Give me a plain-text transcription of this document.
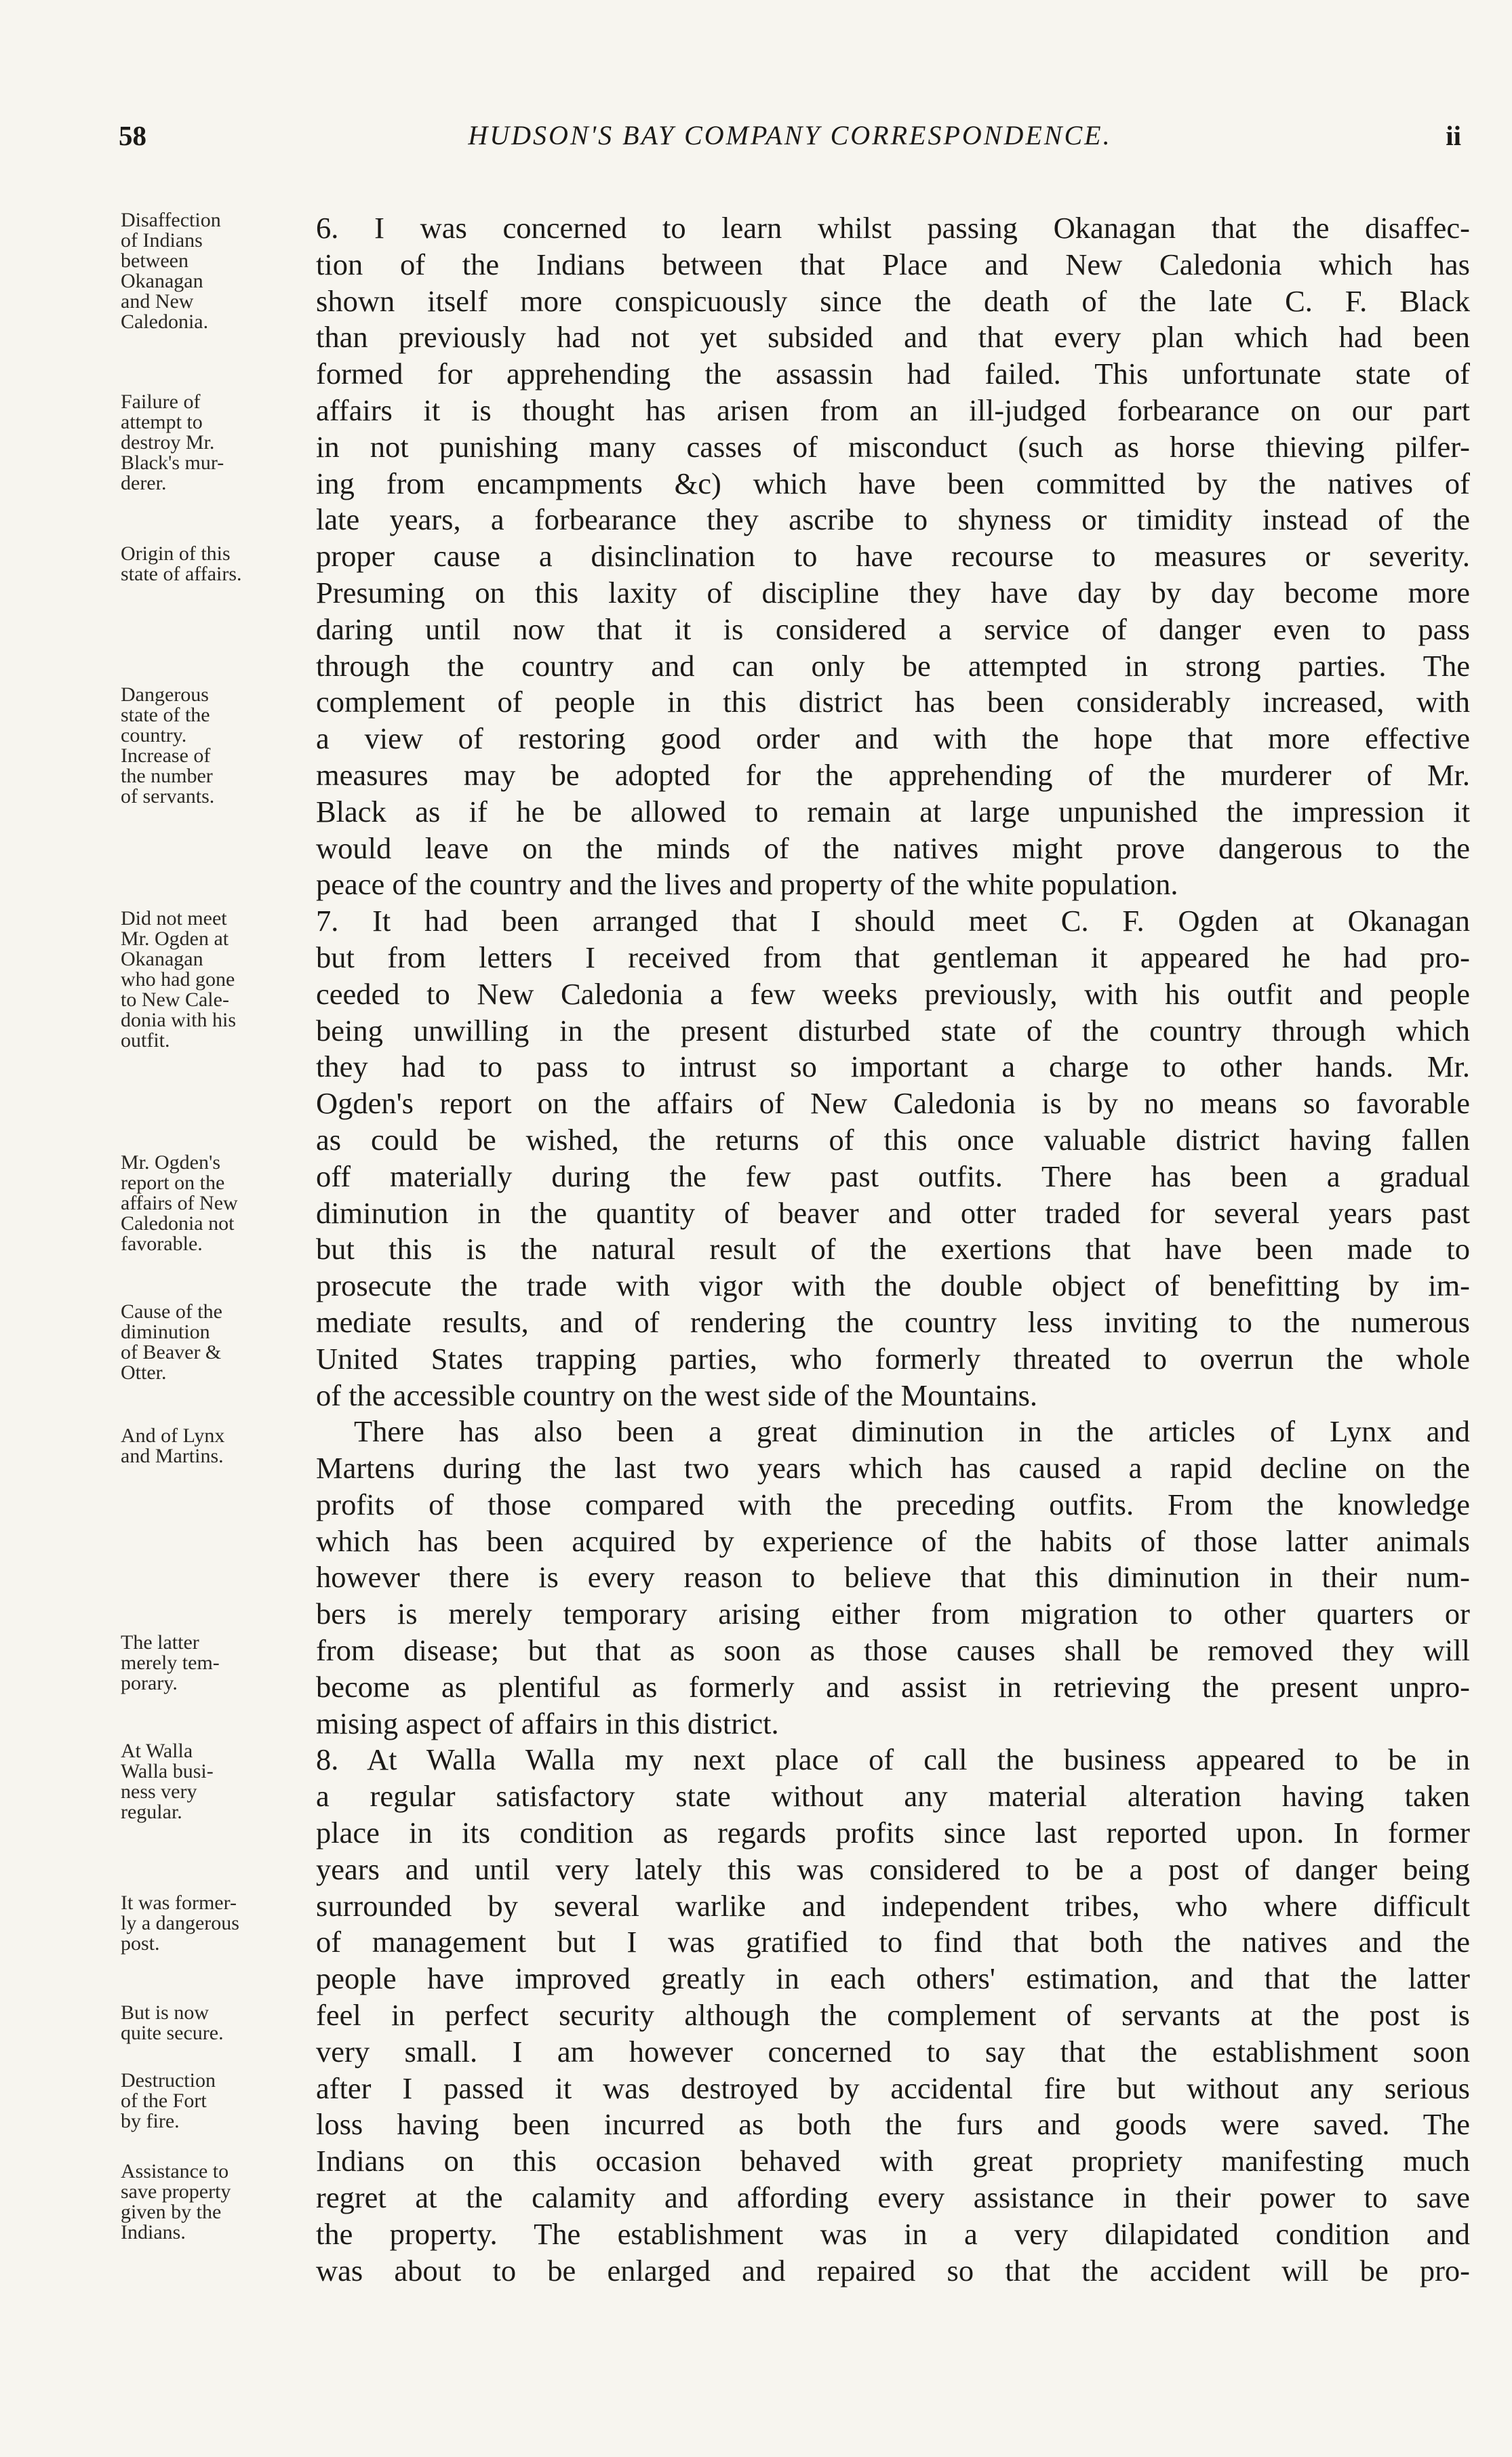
58	HUDSON'S BAY COMPANY CORRESPONDENCE.	ii
Disaffection
of Indians
between
Okanagan
and New
Caledonia.
Failure of
attempt to
destroy Mr.
Black's mur-
derer.
Origin of this
state of affairs.
Dangerous
state of the
country.
Increase of
the number
of servants.
Did not meet
Mr. Ogden at
Okanagan
who had gone
to New Cale-
donia with his
outfit.
Mr. Ogden's
report on the
affairs of New
Caledonia not
favorable.
Cause of the
diminution
of Beaver &
Otter.
And of Lynx
and Martins.
The latter
merely tem-
porary.
At Walla
Walla busi-
ness very
regular.
It was former-
ly a dangerous
post.
But is now
quite secure.
Destruction
of the Fort
by fire.
Assistance to
save property
given by the
Indians.
6. I was concerned to learn whilst passing Okanagan that the disaffec-
tion of the Indians between that Place and New Caledonia which has
shown itself more conspicuously since the death of the late C. F. Black
than previously had not yet subsided and that every plan which had been
formed for apprehending the assassin had failed. This unfortunate state of
affairs it is thought has arisen from an ill-judged forbearance on our part
in not punishing many casses of misconduct (such as horse thieving pilfer-
ing from encampments &c) which have been committed by the natives of
late years, a forbearance they ascribe to shyness or timidity instead of the
proper cause a disinclination to have recourse to measures or severity.
Presuming on this laxity of discipline they have day by day become more
daring until now that it is considered a service of danger even to pass
through the country and can only be attempted in strong parties. The
complement of people in this district has been considerably increased, with
a view of restoring good order and with the hope that more effective
measures may be adopted for the apprehending of the murderer of Mr.
Black as if he be allowed to remain at large unpunished the impression it
would leave on the minds of the natives might prove dangerous to the
peace of the country and the lives and property of the white population.
7. It had been arranged that I should meet C. F. Ogden at Okanagan
but from letters I received from that gentleman it appeared he had pro-
ceeded to New Caledonia a few weeks previously, with his outfit and people
being unwilling in the present disturbed state of the country through which
they had to pass to intrust so important a charge to other hands. Mr.
Ogden's report on the affairs of New Caledonia is by no means so favorable
as could be wished, the returns of this once valuable district having fallen
off materially during the few past outfits. There has been a gradual
diminution in the quantity of beaver and otter traded for several years past
but this is the natural result of the exertions that have been made to
prosecute the trade with vigor with the double object of benefitting by im-
mediate results, and of rendering the country less inviting to the numerous
United States trapping parties, who formerly threated to overrun the whole
of the accessible country on the west side of the Mountains.
There has also been a great diminution in the articles of Lynx and
Martens during the last two years which has caused a rapid decline on the
profits of those compared with the preceding outfits. From the knowledge
which has been acquired by experience of the habits of those latter animals
however there is every reason to believe that this diminution in their num-
bers is merely temporary arising either from migration to other quarters or
from disease; but that as soon as those causes shall be removed they will
become as plentiful as formerly and assist in retrieving the present unpro-
mising aspect of affairs in this district.
8. At Walla Walla my next place of call the business appeared to be in
a regular satisfactory state without any material alteration having taken
place in its condition as regards profits since last reported upon. In former
years and until very lately this was considered to be a post of danger being
surrounded by several warlike and independent tribes, who where difficult
of management but I was gratified to find that both the natives and the
people have improved greatly in each others' estimation, and that the latter
feel in perfect security although the complement of servants at the post is
very small. I am however concerned to say that the establishment soon
after I passed it was destroyed by accidental fire but without any serious
loss having been incurred as both the furs and goods were saved. The
Indians on this occasion behaved with great propriety manifesting much
regret at the calamity and affording every assistance in their power to save
the property. The establishment was in a very dilapidated condition and
was about to be enlarged and repaired so that the accident will be pro-
